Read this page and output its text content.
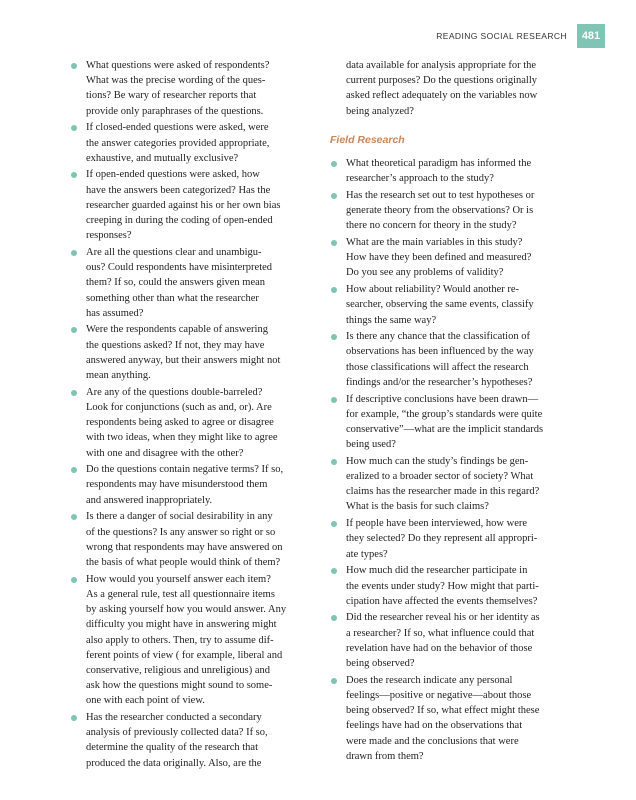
READING SOCIAL RESEARCH	481
What questions were asked of respondents?
What was the precise wording of the ques-
tions? Be wary of researcher reports that
provide only paraphrases of the questions.
If closed-ended questions were asked, were
the answer categories provided appropriate,
exhaustive, and mutually exclusive?
If open-ended questions were asked, how
have the answers been categorized? Has the
researcher guarded against his or her own bias
creeping in during the coding of open-ended
responses?
Are all the questions clear and unambigu-
ous? Could respondents have misinterpreted
them? If so, could the answers given mean
something other than what the researcher
has assumed?
Were the respondents capable of answering
the questions asked? If not, they may have
answered anyway, but their answers might not
mean anything.
Are any of the questions double-barreled?
Look for conjunctions (such as and, or). Are
respondents being asked to agree or disagree
with two ideas, when they might like to agree
with one and disagree with the other?
Do the questions contain negative terms? If so,
respondents may have misunderstood them
and answered inappropriately.
Is there a danger of social desirability in any
of the questions? Is any answer so right or so
wrong that respondents may have answered on
the basis of what people would think of them?
How would you yourself answer each item?
As a general rule, test all questionnaire items
by asking yourself how you would answer. Any
difficulty you might have in answering might
also apply to others. Then, try to assume dif-
ferent points of view ( for example, liberal and
conservative, religious and unreligious) and
ask how the questions might sound to some-
one with each point of view.
Has the researcher conducted a secondary
analysis of previously collected data? If so,
determine the quality of the research that
produced the data originally. Also, are the
data available for analysis appropriate for the
current purposes? Do the questions originally
asked reflect adequately on the variables now
being analyzed?
Field Research
What theoretical paradigm has informed the
researcher’s approach to the study?
Has the research set out to test hypotheses or
generate theory from the observations? Or is
there no concern for theory in the study?
What are the main variables in this study?
How have they been defined and measured?
Do you see any problems of validity?
How about reliability? Would another re-
searcher, observing the same events, classify
things the same way?
Is there any chance that the classification of
observations has been influenced by the way
those classifications will affect the research
findings and/or the researcher’s hypotheses?
If descriptive conclusions have been drawn—
for example, “the group’s standards were quite
conservative”—what are the implicit standards
being used?
How much can the study’s findings be gen-
eralized to a broader sector of society? What
claims has the researcher made in this regard?
What is the basis for such claims?
If people have been interviewed, how were
they selected? Do they represent all appropri-
ate types?
How much did the researcher participate in
the events under study? How might that parti-
cipation have affected the events themselves?
Did the researcher reveal his or her identity as
a researcher? If so, what influence could that
revelation have had on the behavior of those
being observed?
Does the research indicate any personal
feelings—positive or negative—about those
being observed? If so, what effect might these
feelings have had on the observations that
were made and the conclusions that were
drawn from them?
